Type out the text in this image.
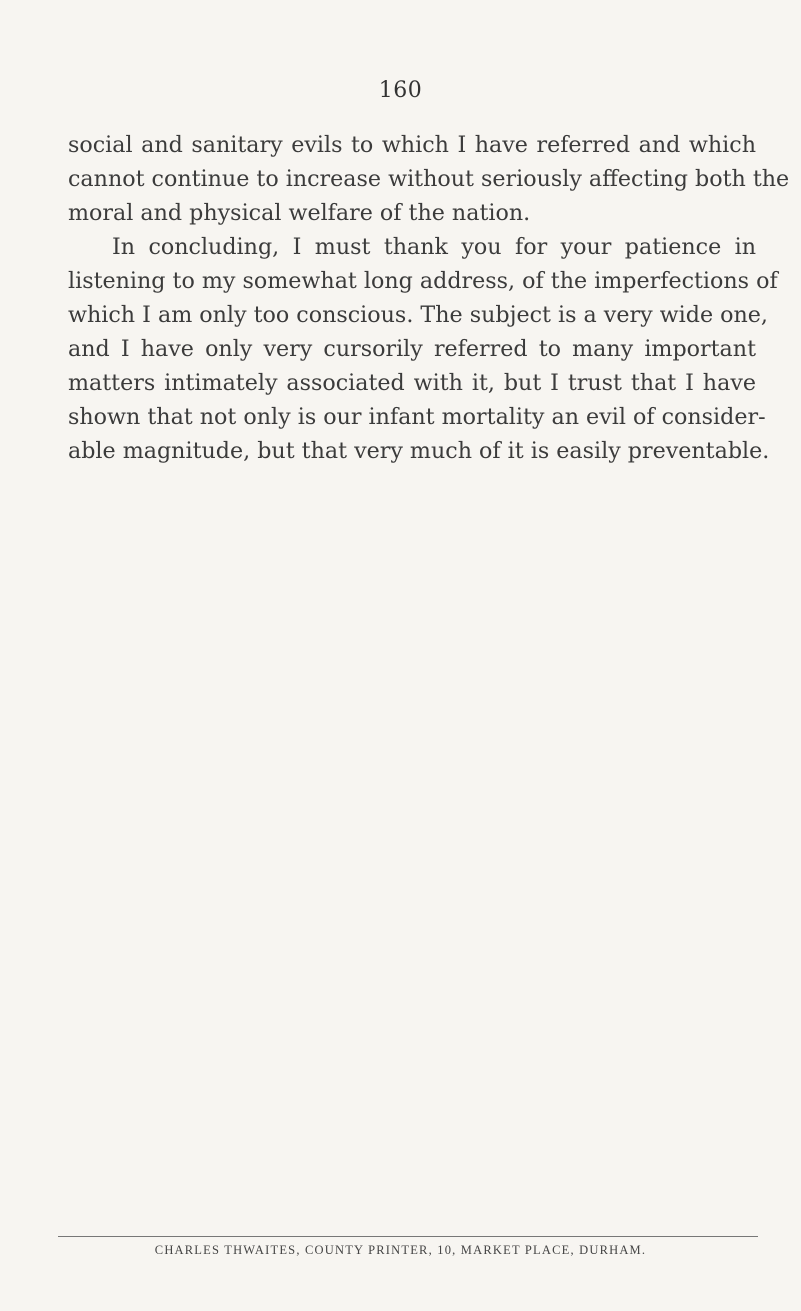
160
social and sanitary evils to which I have referred and which
cannot continue to increase without seriously affecting both the
moral and physical welfare of the nation.
In concluding, I must thank you for your patience in
listening to my somewhat long address, of the imperfections of
which I am only too conscious. The subject is a very wide one,
and I have only very cursorily referred to many important
matters intimately associated with it, but I trust that I have
shown that not only is our infant mortality an evil of consider-
able magnitude, but that very much of it is easily preventable.
CHARLES THWAITES, COUNTY PRINTER, 10, MARKET PLACE, DURHAM.
